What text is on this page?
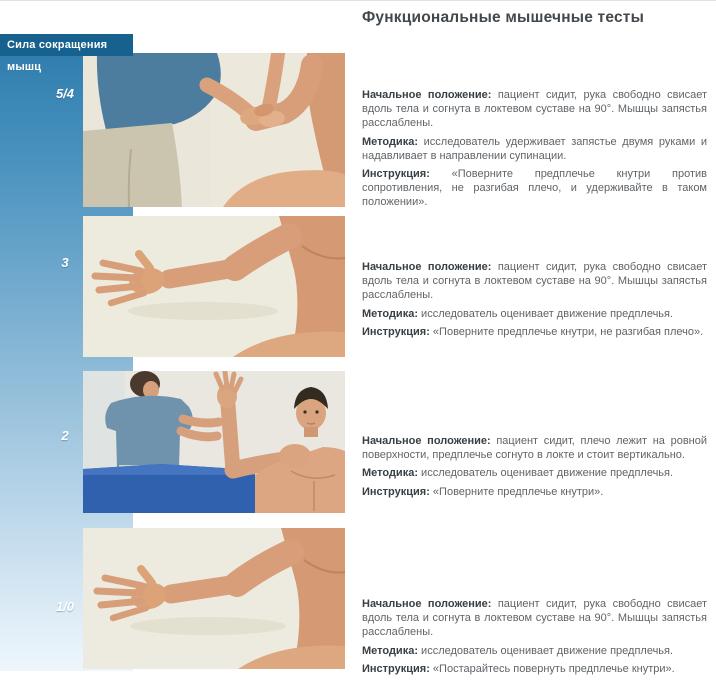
Сила сокращения мышц
5/4
3
2
1/0
Функциональные мышечные тесты

Начальное положение: пациент сидит, рука свободно свисает вдоль тела и согнута в локтевом суставе на 90°. Мышцы запястья расслаблены.

Методика: исследователь удерживает запястье двумя руками и надавливает в направлении супинации.

Инструкция: «Поверните предплечье кнутри против сопротивления, не разгибая плечо, и удерживайте в таком положении».

Начальное положение: пациент сидит, рука свободно свисает вдоль тела и согнута в локтевом суставе на 90°. Мышцы запястья расслаблены.

Методика: исследователь оценивает движение предплечья.

Инструкция: «Поверните предплечье кнутри, не разгибая плечо».

Начальное положение: пациент сидит, плечо лежит на ровной поверхности, предплечье согнуто в локте и стоит вертикально.

Методика: исследователь оценивает движение предплечья.

Инструкция: «Поверните предплечье кнутри».

Начальное положение: пациент сидит, рука свободно свисает вдоль тела и согнута в локтевом суставе на 90°. Мышцы запястья расслаблены.

Методика: исследователь оценивает движение предплечья.

Инструкция: «Постарайтесь повернуть предплечье кнутри».
